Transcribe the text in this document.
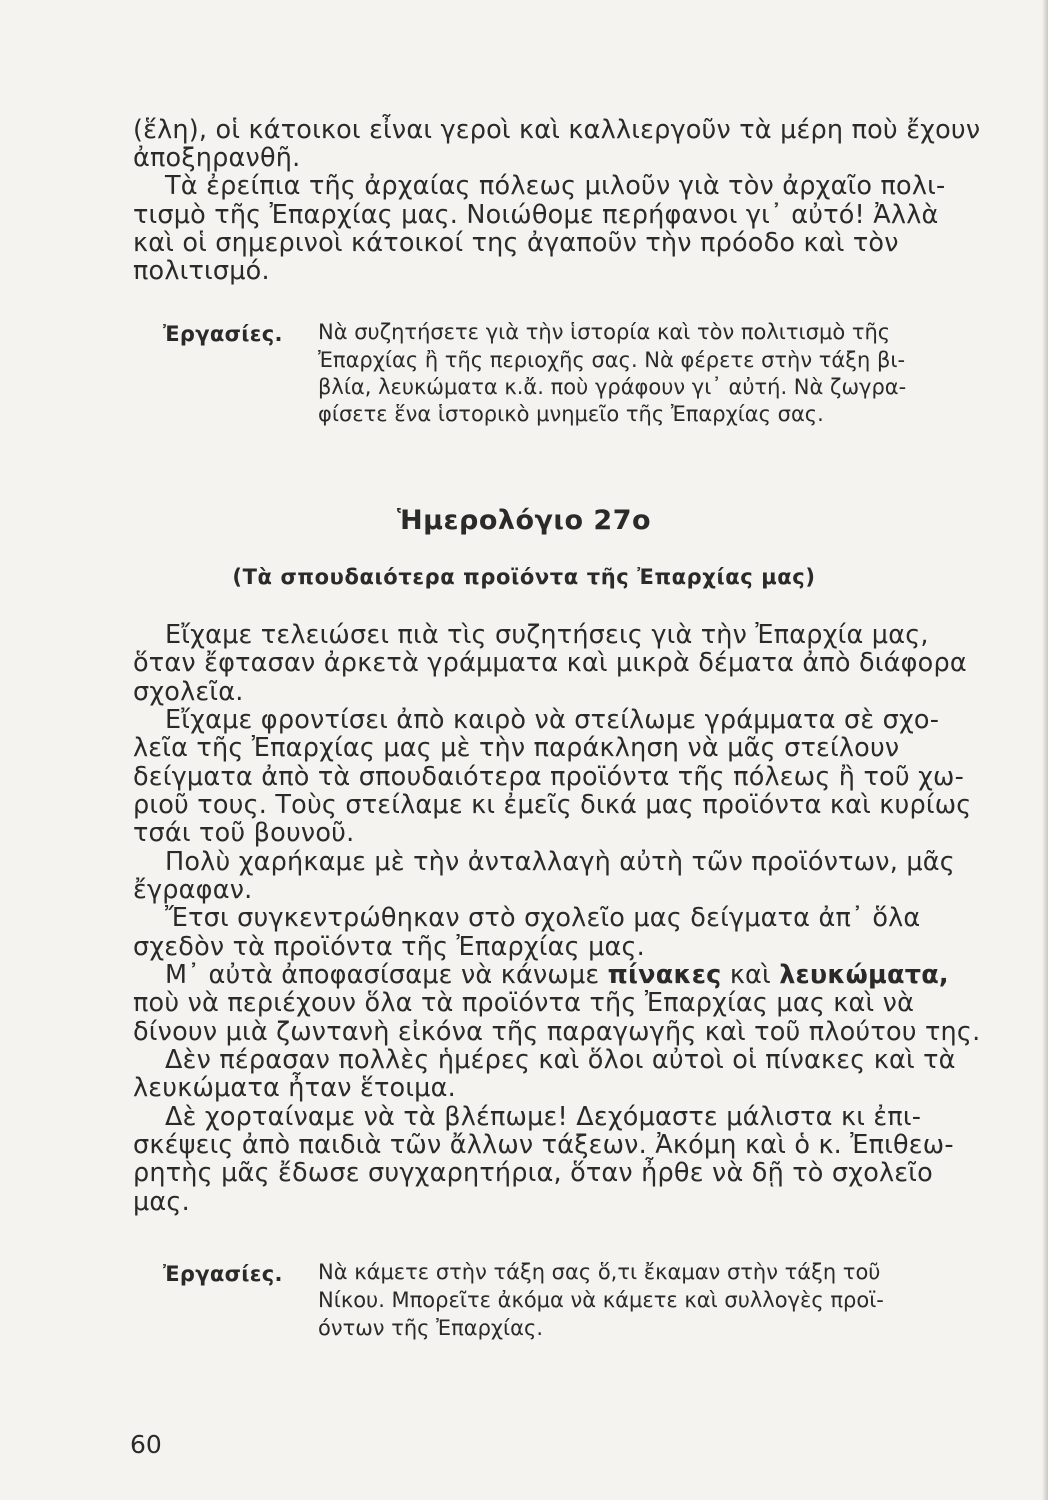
(ἕλη), οἱ κάτοικοι εἶναι γεροὶ καὶ καλλιεργοῦν τὰ μέρη ποὺ ἔχουν
ἀποξηρανθῆ.
Τὰ ἐρείπια τῆς ἀρχαίας πόλεως μιλοῦν γιὰ τὸν ἀρχαῖο πολι-
τισμὸ τῆς Ἐπαρχίας μας. Νοιώθομε περήφανοι γι᾿ αὐτό! Ἀλλὰ
καὶ οἱ σημερινοὶ κάτοικοί της ἀγαποῦν τὴν πρόοδο καὶ τὸν
πολιτισμό.
Ἐργασίες. Νὰ συζητήσετε γιὰ τὴν ἱστορία καὶ τὸν πολιτισμὸ τῆς
Ἐπαρχίας ἢ τῆς περιοχῆς σας. Νὰ φέρετε στὴν τάξη βι-
βλία, λευκώματα κ.ἄ. ποὺ γράφουν γι᾿ αὐτή. Νὰ ζωγρα-
φίσετε ἕνα ἱστορικὸ μνημεῖο τῆς Ἐπαρχίας σας.
Ἡμερολόγιο 27ο
(Τὰ σπουδαιότερα προϊόντα τῆς Ἐπαρχίας μας)
Εἴχαμε τελειώσει πιὰ τὶς συζητήσεις γιὰ τὴν Ἐπαρχία μας,
ὅταν ἔφτασαν ἀρκετὰ γράμματα καὶ μικρὰ δέματα ἀπὸ διάφορα
σχολεῖα.
Εἴχαμε φροντίσει ἀπὸ καιρὸ νὰ στείλωμε γράμματα σὲ σχο-
λεῖα τῆς Ἐπαρχίας μας μὲ τὴν παράκληση νὰ μᾶς στείλουν
δείγματα ἀπὸ τὰ σπουδαιότερα προϊόντα τῆς πόλεως ἢ τοῦ χω-
ριοῦ τους. Τοὺς στείλαμε κι ἐμεῖς δικά μας προϊόντα καὶ κυρίως
τσάι τοῦ βουνοῦ.
Πολὺ χαρήκαμε μὲ τὴν ἀνταλλαγὴ αὐτὴ τῶν προϊόντων, μᾶς
ἔγραφαν.
Ἔτσι συγκεντρώθηκαν στὸ σχολεῖο μας δείγματα ἀπ᾿ ὅλα
σχεδὸν τὰ προϊόντα τῆς Ἐπαρχίας μας.
Μ᾿ αὐτὰ ἀποφασίσαμε νὰ κάνωμε πίνακες καὶ λευκώματα,
ποὺ νὰ περιέχουν ὅλα τὰ προϊόντα τῆς Ἐπαρχίας μας καὶ νὰ
δίνουν μιὰ ζωντανὴ εἰκόνα τῆς παραγωγῆς καὶ τοῦ πλούτου της.
Δὲν πέρασαν πολλὲς ἡμέρες καὶ ὅλοι αὐτοὶ οἱ πίνακες καὶ τὰ
λευκώματα ἦταν ἕτοιμα.
Δὲ χορταίναμε νὰ τὰ βλέπωμε! Δεχόμαστε μάλιστα κι ἐπι-
σκέψεις ἀπὸ παιδιὰ τῶν ἄλλων τάξεων. Ἀκόμη καὶ ὁ κ. Ἐπιθεω-
ρητὴς μᾶς ἔδωσε συγχαρητήρια, ὅταν ἦρθε νὰ δῇ τὸ σχολεῖο
μας.
Ἐργασίες. Νὰ κάμετε στὴν τάξη σας ὅ,τι ἔκαμαν στὴν τάξη τοῦ
Νίκου. Μπορεῖτε ἀκόμα νὰ κάμετε καὶ συλλογὲς προϊ-
όντων τῆς Ἐπαρχίας.
60
